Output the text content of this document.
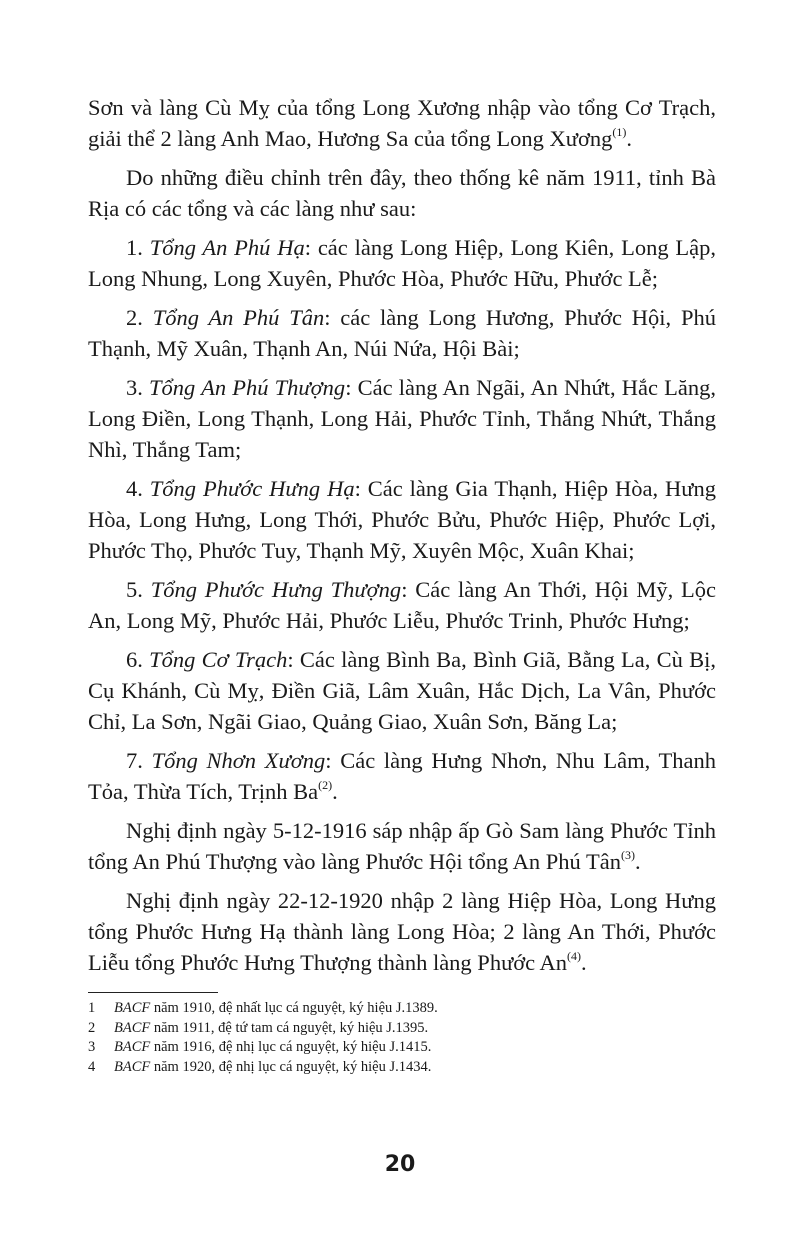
Sơn và làng Cù Mỵ của tổng Long Xương nhập vào tổng Cơ Trạch, giải thể 2 làng Anh Mao, Hương Sa của tổng Long Xương$^{(1)}$.

Do những điều chỉnh trên đây, theo thống kê năm 1911, tỉnh Bà Rịa có các tổng và các làng như sau:

1. Tổng An Phú Hạ: các làng Long Hiệp, Long Kiên, Long Lập, Long Nhung, Long Xuyên, Phước Hòa, Phước Hữu, Phước Lễ;

2. Tổng An Phú Tân: các làng Long Hương, Phước Hội, Phú Thạnh, Mỹ Xuân, Thạnh An, Núi Nứa, Hội Bài;

3. Tổng An Phú Thượng: Các làng An Ngãi, An Nhứt, Hắc Lăng, Long Điền, Long Thạnh, Long Hải, Phước Tỉnh, Thắng Nhứt, Thắng Nhì, Thắng Tam;

4. Tổng Phước Hưng Hạ: Các làng Gia Thạnh, Hiệp Hòa, Hưng Hòa, Long Hưng, Long Thới, Phước Bửu, Phước Hiệp, Phước Lợi, Phước Thọ, Phước Tuy, Thạnh Mỹ, Xuyên Mộc, Xuân Khai;

5. Tổng Phước Hưng Thượng: Các làng An Thới, Hội Mỹ, Lộc An, Long Mỹ, Phước Hải, Phước Liễu, Phước Trinh, Phước Hưng;

6. Tổng Cơ Trạch: Các làng Bình Ba, Bình Giã, Bằng La, Cù Bị, Cụ Khánh, Cù Mỵ, Điền Giã, Lâm Xuân, Hắc Dịch, La Vân, Phước Chỉ, La Sơn, Ngãi Giao, Quảng Giao, Xuân Sơn, Băng La;

7. Tổng Nhơn Xương: Các làng Hưng Nhơn, Nhu Lâm, Thanh Tỏa, Thừa Tích, Trịnh Ba$^{(2)}$.

Nghị định ngày 5-12-1916 sáp nhập ấp Gò Sam làng Phước Tỉnh tổng An Phú Thượng vào làng Phước Hội tổng An Phú Tân$^{(3)}$.

Nghị định ngày 22-12-1920 nhập 2 làng Hiệp Hòa, Long Hưng tổng Phước Hưng Hạ thành làng Long Hòa; 2 làng An Thới, Phước Liễu tổng Phước Hưng Thượng thành làng Phước An$^{(4)}$.

1	BACF năm 1910, đệ nhất lục cá nguyệt, ký hiệu J.1389.
2	BACF năm 1911, đệ tứ tam cá nguyệt, ký hiệu J.1395.
3	BACF năm 1916, đệ nhị lục cá nguyệt, ký hiệu J.1415.
4	BACF năm 1920, đệ nhị lục cá nguyệt, ký hiệu J.1434.
20
